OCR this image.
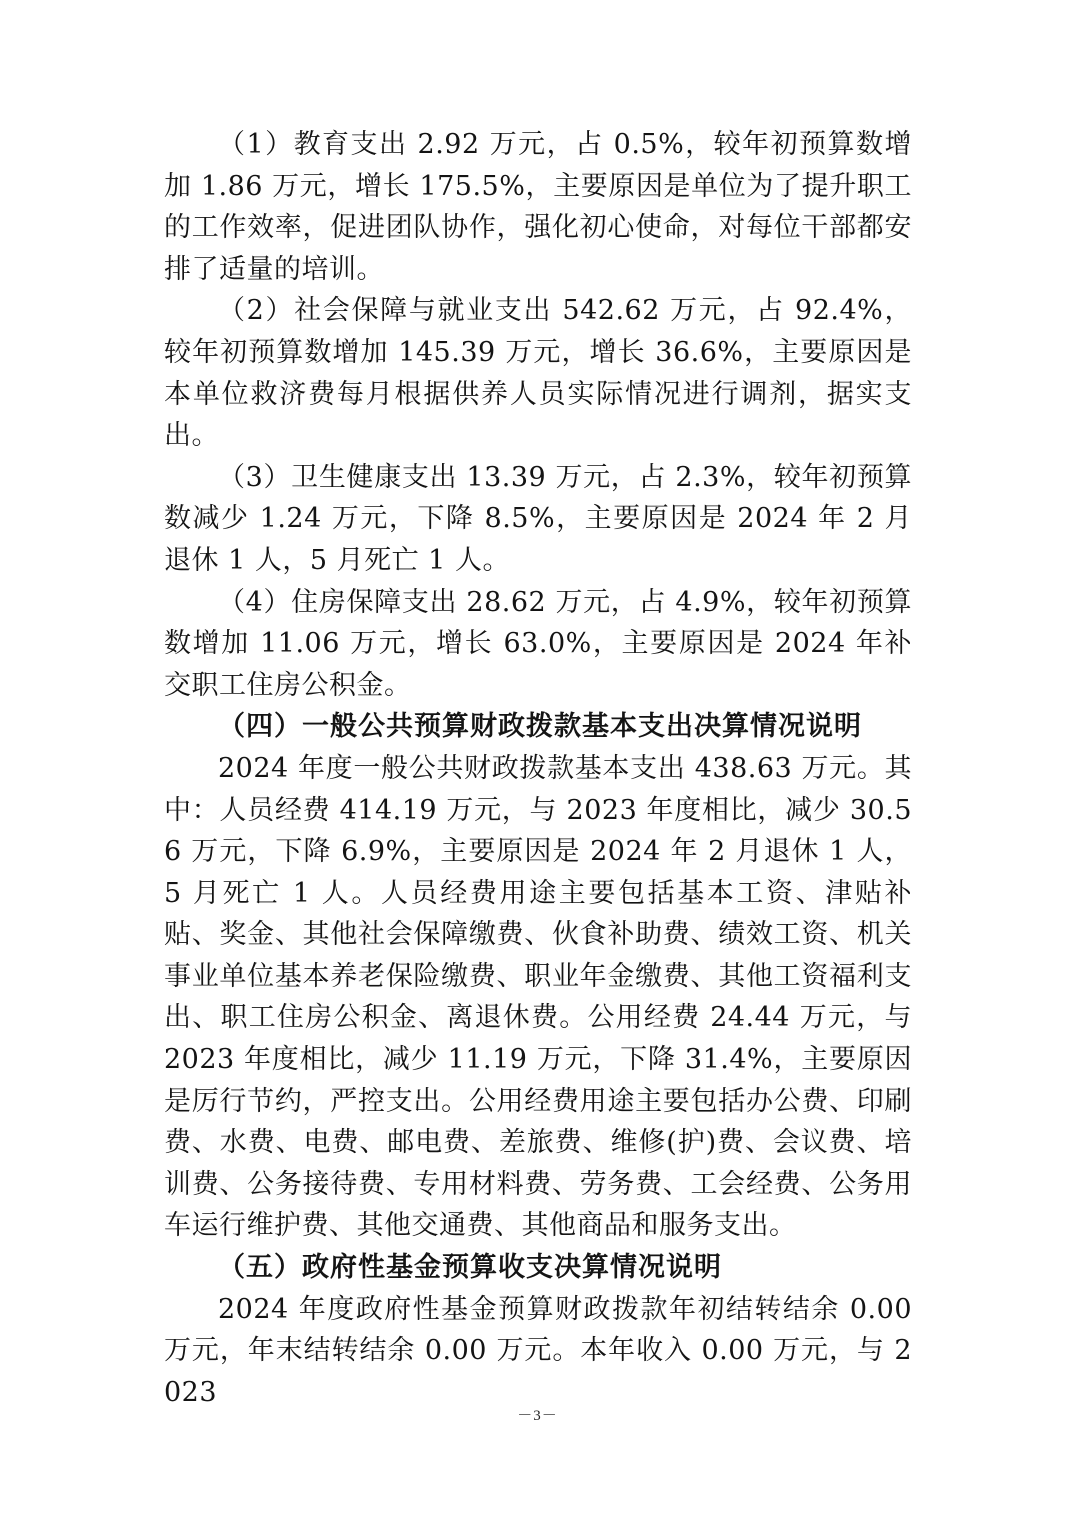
（1）教育支出 2.92 万元，占 0.5%，较年初预算数增加 1.86 万元，增长 175.5%，主要原因是单位为了提升职工的工作效率，促进团队协作，强化初心使命，对每位干部都安排了适量的培训。

（2）社会保障与就业支出 542.62 万元，占 92.4%，较年初预算数增加 145.39 万元，增长 36.6%，主要原因是本单位救济费每月根据供养人员实际情况进行调剂，据实支出。

（3）卫生健康支出 13.39 万元，占 2.3%，较年初预算数减少 1.24 万元，下降 8.5%，主要原因是 2024 年 2 月退休 1 人，5 月死亡 1 人。

（4）住房保障支出 28.62 万元，占 4.9%，较年初预算数增加 11.06 万元，增长 63.0%，主要原因是 2024 年补交职工住房公积金。

（四）一般公共预算财政拨款基本支出决算情况说明

2024 年度一般公共财政拨款基本支出 438.63 万元。其中：人员经费 414.19 万元，与 2023 年度相比，减少 30.56 万元，下降 6.9%，主要原因是 2024 年 2 月退休 1 人，5 月死亡 1 人。人员经费用途主要包括基本工资、津贴补贴、奖金、其他社会保障缴费、伙食补助费、绩效工资、机关事业单位基本养老保险缴费、职业年金缴费、其他工资福利支出、职工住房公积金、离退休费。公用经费 24.44 万元，与 2023 年度相比，减少 11.19 万元，下降 31.4%，主要原因是厉行节约，严控支出。公用经费用途主要包括办公费、印刷费、水费、电费、邮电费、差旅费、维修(护)费、会议费、培训费、公务接待费、专用材料费、劳务费、工会经费、公务用车运行维护费、其他交通费、其他商品和服务支出。

（五）政府性基金预算收支决算情况说明

2024 年度政府性基金预算财政拨款年初结转结余 0.00 万元，年末结转结余 0.00 万元。本年收入 0.00 万元，与 2023

－3－
